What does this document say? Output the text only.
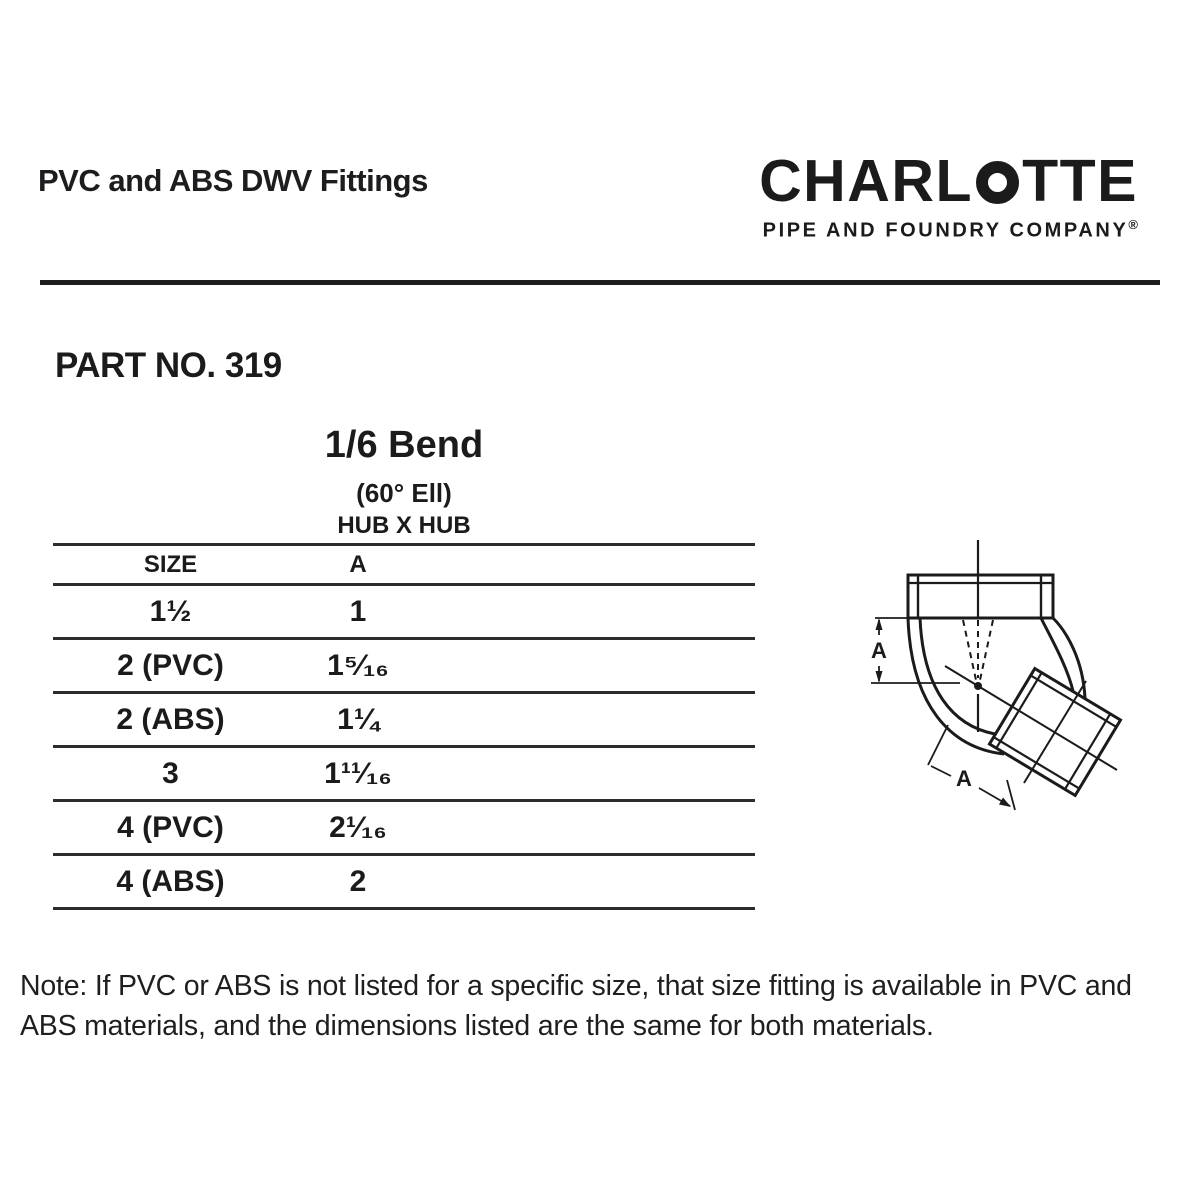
PVC and ABS DWV Fittings	CHARL TTE
PIPE AND FOUNDRY COMPANY®
PART NO. 319
1/6 Bend
(60° Ell)
HUB X HUB
SIZE	A
1½	1
2 (PVC)	1⁵⁄₁₆
2 (ABS)	1¼
3	1¹¹⁄₁₆
4 (PVC)	2¹⁄₁₆
4 (ABS)	2
A
A
Note: If PVC or ABS is not listed for a specific size, that size fitting is available in PVC and ABS materials, and the dimensions listed are the same for both materials.
